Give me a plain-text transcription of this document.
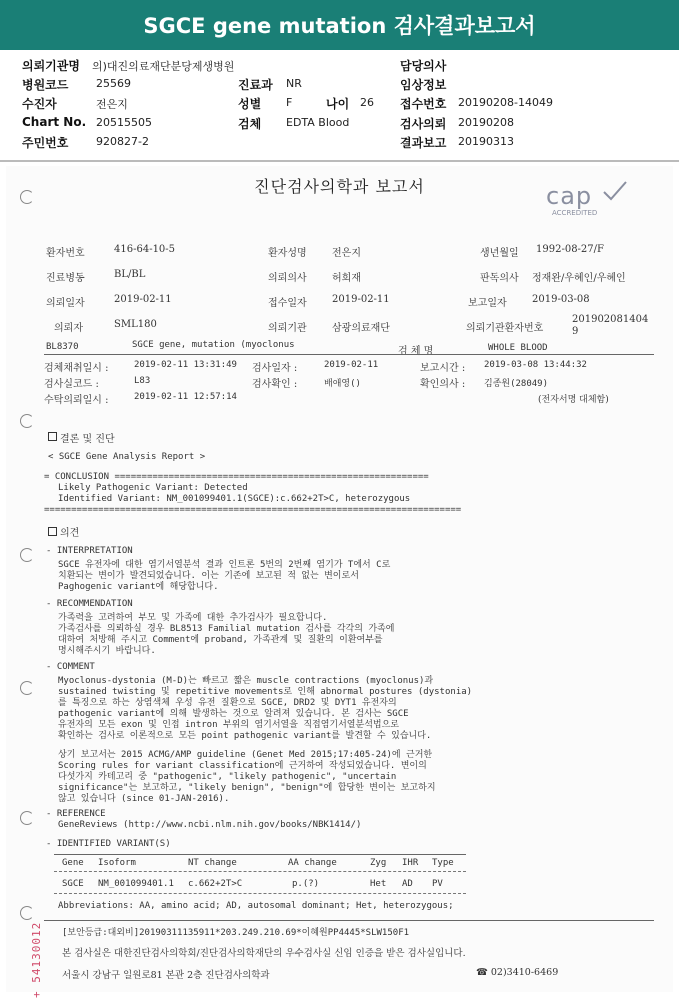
SGCE gene mutation 검사결과보고서
의뢰기관명 의)대진의료재단분당제생병원
병원코드	25569
수진자	전은지
Chart No. 20515505
주민번호	920827-2
진료과 NR
성별 F	나이 26
검체 EDTA Blood
담당의사
임상정보
접수번호 20190208-14049
검사의뢰 20190208
결과보고 20190313
진단검사의학과 보고서	cap
ACCREDITED
환자번호	416-64-10-5	환자성명	전은지	생년월일 1992-08-27/F
진료병동	BL/BL	의뢰의사	허희재	판독의사 정재완/우혜인/우혜인
의뢰일자	2019-02-11	접수일자	2019-02-11	보고일자	2019-03-08
의뢰자	SML180	의뢰기관	삼광의료재단	의뢰기관환자번호
201902081404
9
BL8370	SGCE gene, mutation (myoclonus
검 체 명	WHOLE BLOOD
검체채취일시 :	2019-02-11 13:31:49 검사일자 :	2019-02-11	보고시간 : 2019-03-08 13:44:32
검사실코드 :	L83	검사확인 :	배애영()	확인의사 : 김종원(28049)
수탁의뢰일시 :	2019-02-11 12:57:14	(전자서명 대체함)
결론 및 진단
< SGCE Gene Analysis Report >
= CONCLUSION ==========================================================
Likely Pathogenic Variant: Detected
Identified Variant: NM_001099401.1(SGCE):c.662+2T>C, heterozygous
=============================================================================
의견
- INTERPRETATION
SGCE 유전자에 대한 염기서열분석 결과 인트론 5번의 2번째 염기가 T에서 C로
치환되는 변이가 발견되었습니다. 이는 기존에 보고된 적 없는 변이로서
Paghogenic variant에 해당합니다.
- RECOMMENDATION
가족력을 고려하여 부모 및 가족에 대한 추가검사가 필요합니다.
가족검사를 의뢰하실 경우 BL8513 Familial mutation 검사를 각각의 가족에
대하여 처방해 주시고 Comment에 proband, 가족관계 및 질환의 이환여부를
명시해주시기 바랍니다.
- COMMENT
Myoclonus-dystonia (M-D)는 빠르고 짧은 muscle contractions (myoclonus)과
sustained twisting 및 repetitive movements로 인해 abnormal postures (dystonia)
를 특징으로 하는 상염색체 우성 유전 질환으로 SGCE, DRD2 및 DYT1 유전자의
pathogenic variant에 의해 발생하는 것으로 알려져 있습니다. 본 검사는 SGCE
유전자의 모든 exon 및 인접 intron 부위의 염기서열을 직접염기서열분석법으로
확인하는 검사로 이론적으로 모든 point pathogenic variant를 발견할 수 있습니다.
상기 보고서는 2015 ACMG/AMP guideline (Genet Med 2015;17:405-24)에 근거한
Scoring rules for variant classification에 근거하여 작성되었습니다. 변이의
다섯가지 카테고리 중 "pathogenic", "likely pathogenic", "uncertain
significance"는 보고하고, "likely benign", "benign"에 합당한 변이는 보고하지
않고 있습니다 (since 01-JAN-2016).
- REFERENCE
GeneReviews (http://www.ncbi.nlm.nih.gov/books/NBK1414/)
- IDENTIFIED VARIANT(S)
Gene Isoform	NT change	AA change	Zyg IHR Type
SGCE NM_001099401.1 c.662+2T>C	p.(?)	Het AD PV
Abbreviations: AA, amino acid; AD, autosomal dominant; Het, heterozygous;
[보안등급:대외비]20190311135911*203.249.210.69*이혜원PP4445*SLW150F1
본 검사실은 대한진단검사의학회/진단검사의학재단의 우수검사실 신임 인증을 받은 검사실입니다.
서울시 강남구 일원로81 본관 2층 진단검사의학과	☎ 02)3410-6469
+ 54130012
